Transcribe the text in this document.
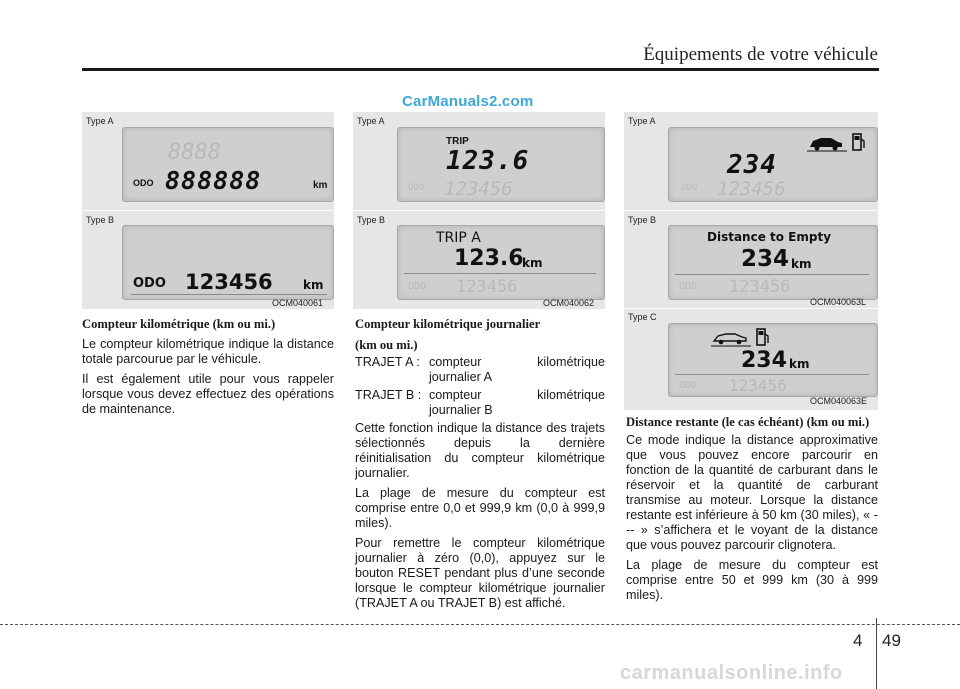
Équipements de votre véhicule
CarManuals2.com
Type A
8888
ODO 888888	km
Type B
ODO 123456	km
OCM040061
Type A
TRIP
123.6
ODO 123456
Type B
TRIP A
123.6
km
ODO 123456
OCM040062
Type A
234
ODO 123456
Type B
Distance to Empty
234 km
ODO 123456
OCM040063L
Type C
234 km
ODO 123456
OCM040063E

Compteur kilométrique (km ou mi.)

Le compteur kilométrique indique la distance totale parcourue par le véhicule.

Il est également utile pour vous rappeler lorsque vous devez effectuez des opérations de maintenance.

Compteur kilométrique journalier

(km ou mi.)

TRAJET A : compteur kilométrique journalier A
TRAJET B : compteur kilométrique journalier B

Cette fonction indique la distance des trajets sélectionnés depuis la dernière réinitialisation du compteur kilométrique journalier.

La plage de mesure du compteur est comprise entre 0,0 et 999,9 km (0,0 à 999,9 miles).

Pour remettre le compteur kilométrique journalier à zéro (0,0), appuyez sur le bouton RESET pendant plus d’une seconde lorsque le compteur kilométrique journalier (TRAJET A ou TRAJET B) est affiché.

Distance restante (le cas échéant) (km ou mi.)

Ce mode indique la distance approximative que vous pouvez encore parcourir en fonction de la quantité de carburant dans le réservoir et la quantité de carburant transmise au moteur. Lorsque la distance restante est inférieure à 50 km (30 miles), « --- » s’affichera et le voyant de la distance que vous pouvez parcourir clignotera.

La plage de mesure du compteur est comprise entre 50 et 999 km (30 à 999 miles).

4 49
carmanualsonline.info
